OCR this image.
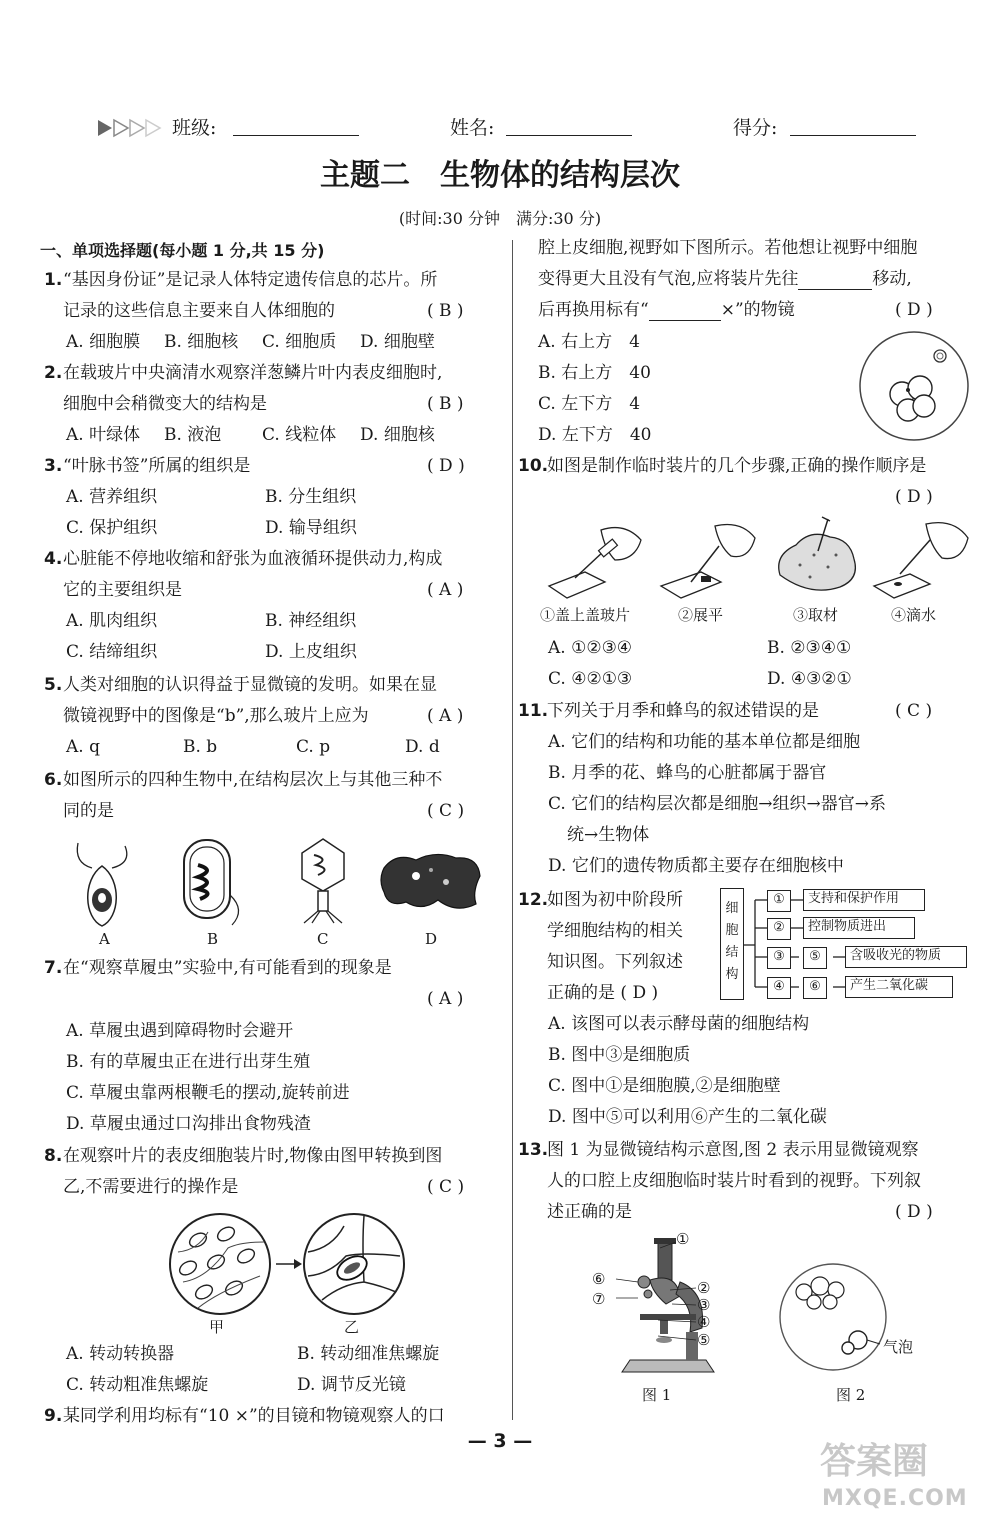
班级:	姓名:	得分:
主题二　生物体的结构层次
(时间:30 分钟　满分:30 分)
一、单项选择题(每小题 1 分,共 15 分)
1. “基因身份证”是记录人体特定遗传信息的芯片。所
记录的这些信息主要来自人体细胞的	( B )
A. 细胞膜 B. 细胞核 C. 细胞质 D. 细胞壁
2. 在载玻片中央滴清水观察洋葱鳞片叶内表皮细胞时,
细胞中会稍微变大的结构是	( B )
A. 叶绿体 B. 液泡 C. 线粒体 D. 细胞核
3. “叶脉书签”所属的组织是	( D )
A. 营养组织	B. 分生组织
C. 保护组织	D. 输导组织
4. 心脏能不停地收缩和舒张为血液循环提供动力,构成
它的主要组织是	( A )
A. 肌肉组织	B. 神经组织
C. 结缔组织	D. 上皮组织
5. 人类对细胞的认识得益于显微镜的发明。如果在显
微镜视野中的图像是“b”,那么玻片上应为	( A )
A. q	B. b	C. p	D. d
6. 如图所示的四种生物中,在结构层次上与其他三种不
同的是	( C )
A	B	C	D
7. 在“观察草履虫”实验中,有可能看到的现象是
( A )
A. 草履虫遇到障碍物时会避开
B. 有的草履虫正在进行出芽生殖
C. 草履虫靠两根鞭毛的摆动,旋转前进
D. 草履虫通过口沟排出食物残渣
8. 在观察叶片的表皮细胞装片时,物像由图甲转换到图
乙,不需要进行的操作是	( C )
甲	乙
A. 转动转换器	B. 转动细准焦螺旋
C. 转动粗准焦螺旋	D. 调节反光镜
9. 某同学利用均标有“10 ×”的目镜和物镜观察人的口
腔上皮细胞,视野如下图所示。若他想让视野中细胞
变得更大且没有气泡,应将装片先往	移动,
后再换用标有“	×”的物镜	( D )
A. 右上方　4
B. 右上方　40
C. 左下方　4
D. 左下方　40
10.
如图是制作临时装片的几个步骤,正确的操作顺序是
( D )
①盖上盖玻片	②展平	③取材	④滴水
A. ①②③④	B. ②③④①
C. ④②①③	D. ④③②①
11.
下列关于月季和蜂鸟的叙述错误的是	( C )
A. 它们的结构和功能的基本单位都是细胞
B. 月季的花、蜂鸟的心脏都属于器官
C. 它们的结构层次都是细胞→组织→器官→系
统→生物体
D. 它们的遗传物质都主要存在细胞核中
12.
如图为初中阶段所
学细胞结构的相关
知识图。下列叙述
正确的是 ( D )
细胞结构
①
②
③
④
⑤
⑥
支持和保护作用
控制物质进出
含吸收光的物质
产生二氧化碳
A. 该图可以表示酵母菌的细胞结构
B. 图中③是细胞质
C. 图中①是细胞膜,②是细胞壁
D. 图中⑤可以利用⑥产生的二氧化碳
13.
图 1 为显微镜结构示意图,图 2 表示用显微镜观察
人的口腔上皮细胞临时装片时看到的视野。下列叙
述正确的是	( D )
①
②
③
④
⑤
⑥
⑦
气泡
图 1	图 2
— 3 —	答案圈
MXQE.COM
